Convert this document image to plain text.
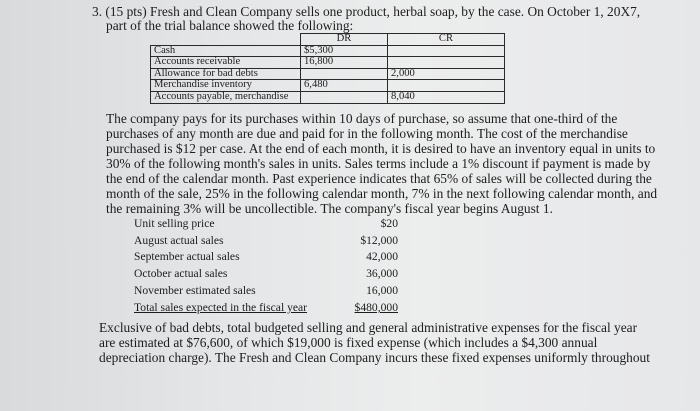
3. (15 pts) Fresh and Clean Company sells one product, herbal soap, by the case. On October 1, 20X7,
part of the trial balance showed the following:
	DR	CR
Cash	$5,300	
Accounts receivable	16,800	
Allowance for bad debts		2,000
Merchandise inventory	6,480	
Accounts payable, merchandise		8,040
The company pays for its purchases within 10 days of purchase, so assume that one-third of the
purchases of any month are due and paid for in the following month. The cost of the merchandise
purchased is $12 per case. At the end of each month, it is desired to have an inventory equal in units to
30% of the following month's sales in units. Sales terms include a 1% discount if payment is made by
the end of the calendar month. Past experience indicates that 65% of sales will be collected during the
month of the sale, 25% in the following calendar month, 7% in the next following calendar month, and
the remaining 3% will be uncollectible. The company's fiscal year begins August 1.
Unit selling price	$20
August actual sales	$12,000
September actual sales	42,000
October actual sales	36,000
November estimated sales	16,000
Total sales expected in the fiscal year	$480,000
Exclusive of bad debts, total budgeted selling and general administrative expenses for the fiscal year
are estimated at $76,600, of which $19,000 is fixed expense (which includes a $4,300 annual
depreciation charge). The Fresh and Clean Company incurs these fixed expenses uniformly throughout
